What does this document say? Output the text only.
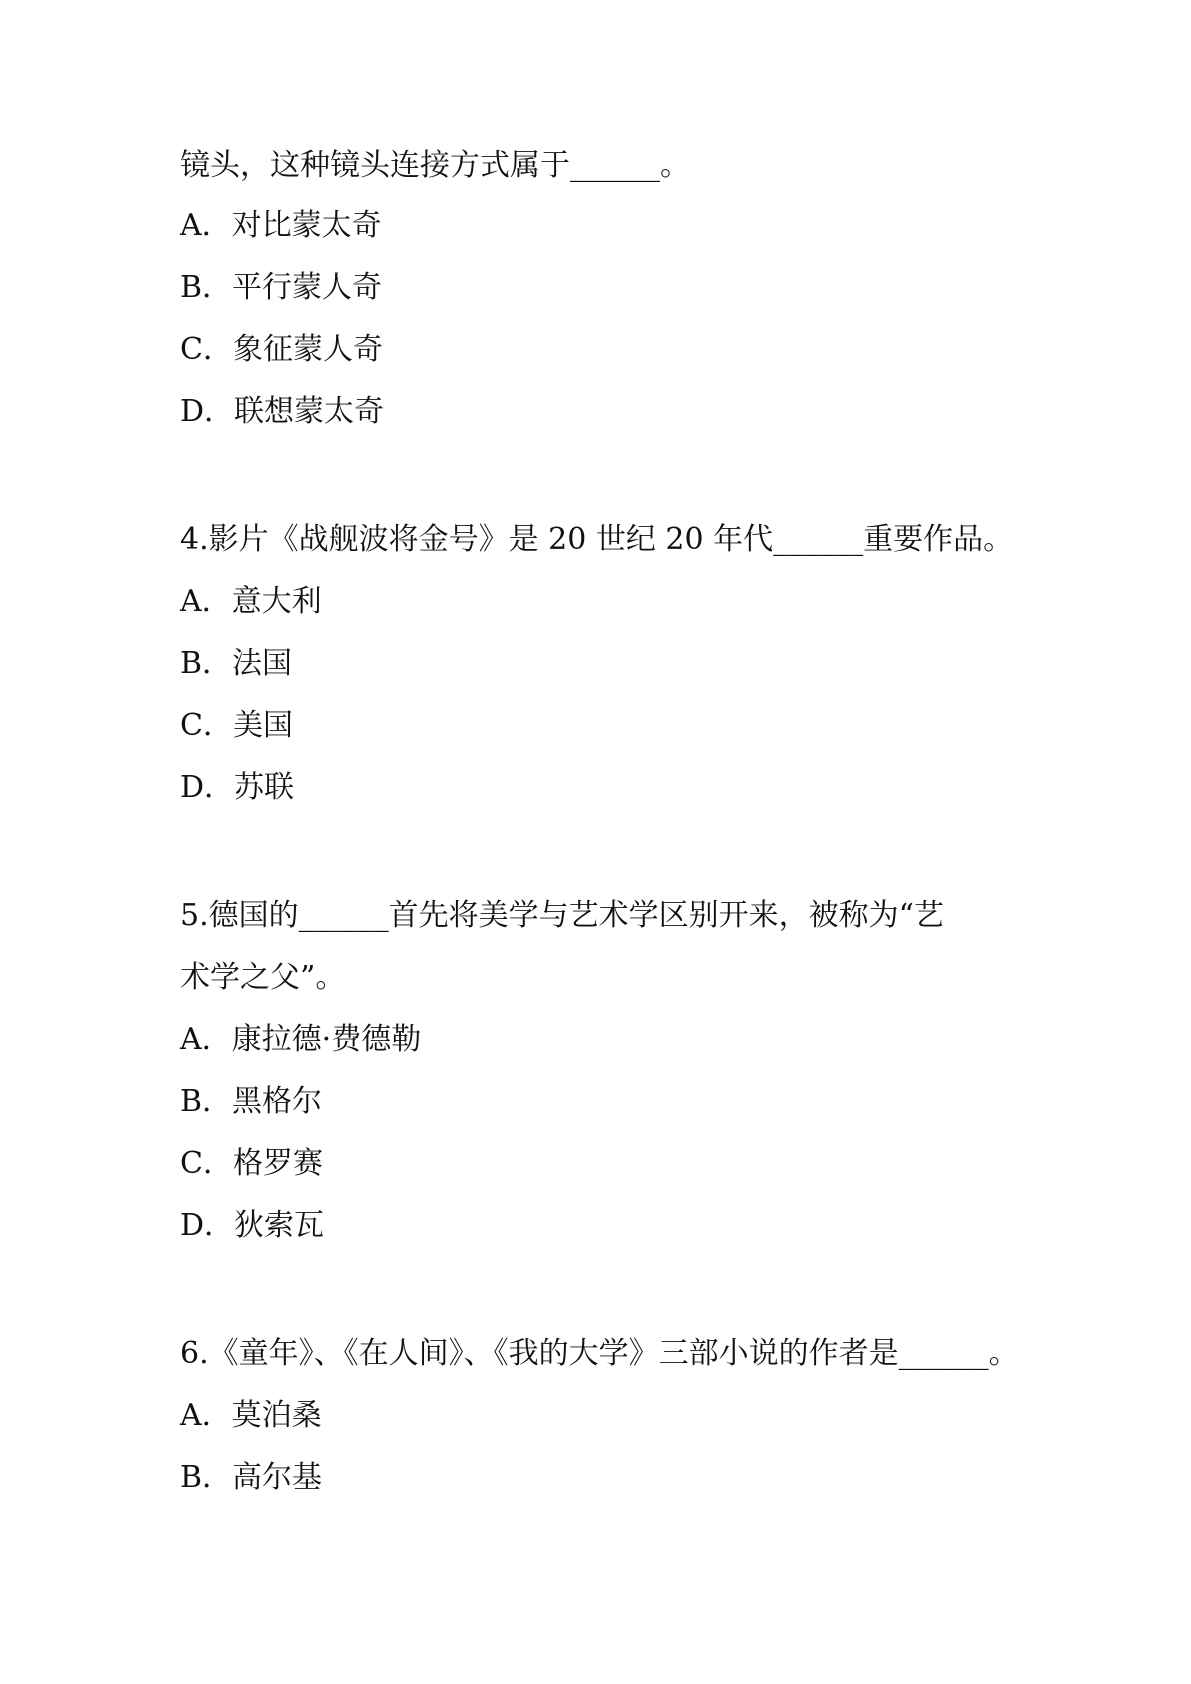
镜头，这种镜头连接方式属于______。
A．对比蒙太奇
B．平行蒙人奇
C．象征蒙人奇
D．联想蒙太奇
4.影片《战舰波将金号》是 20 世纪 20 年代______重要作品。
A．意大利
B．法国
C．美国
D．苏联
5.德国的______首先将美学与艺术学区别开来，被称为“艺
术学之父”。
A．康拉德·费德勒
B．黑格尔
C．格罗赛
D．狄索瓦
6.《童年》、《在人间》、《我的大学》三部小说的作者是______。
A．莫泊桑
B．高尔基
